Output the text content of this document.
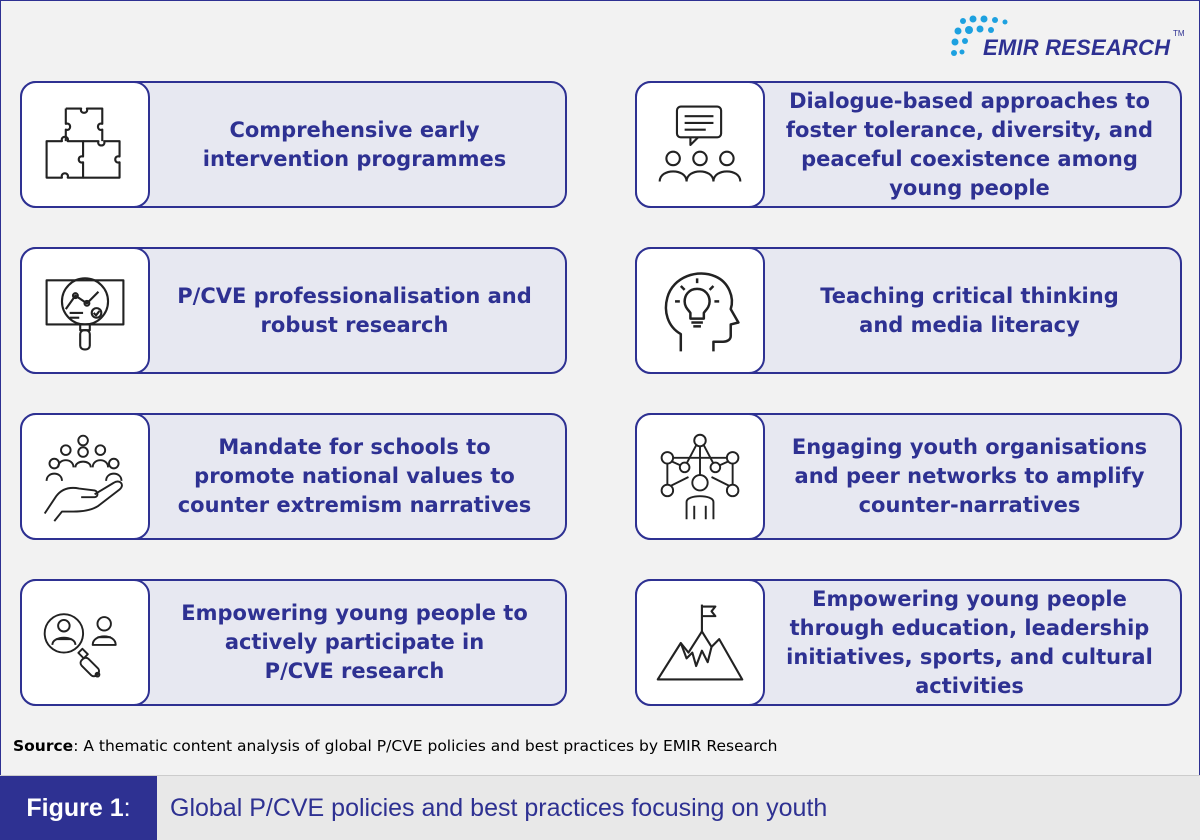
EMIR RESEARCH
TM
Comprehensive early
intervention programmes
Dialogue-based approaches to
foster tolerance, diversity, and
peaceful coexistence among
young people
P/CVE professionalisation and
robust research
Teaching critical thinking
and media literacy
Mandate for schools to
promote national values to
counter extremism narratives
Engaging youth organisations
and peer networks to amplify
counter-narratives
Empowering young people to
actively participate in
P/CVE research
Empowering young people
through education, leadership
initiatives, sports, and cultural
activities
Source: A thematic content analysis of global P/CVE policies and best practices by EMIR Research
Figure 1 : Global P/CVE policies and best practices focusing on youth
